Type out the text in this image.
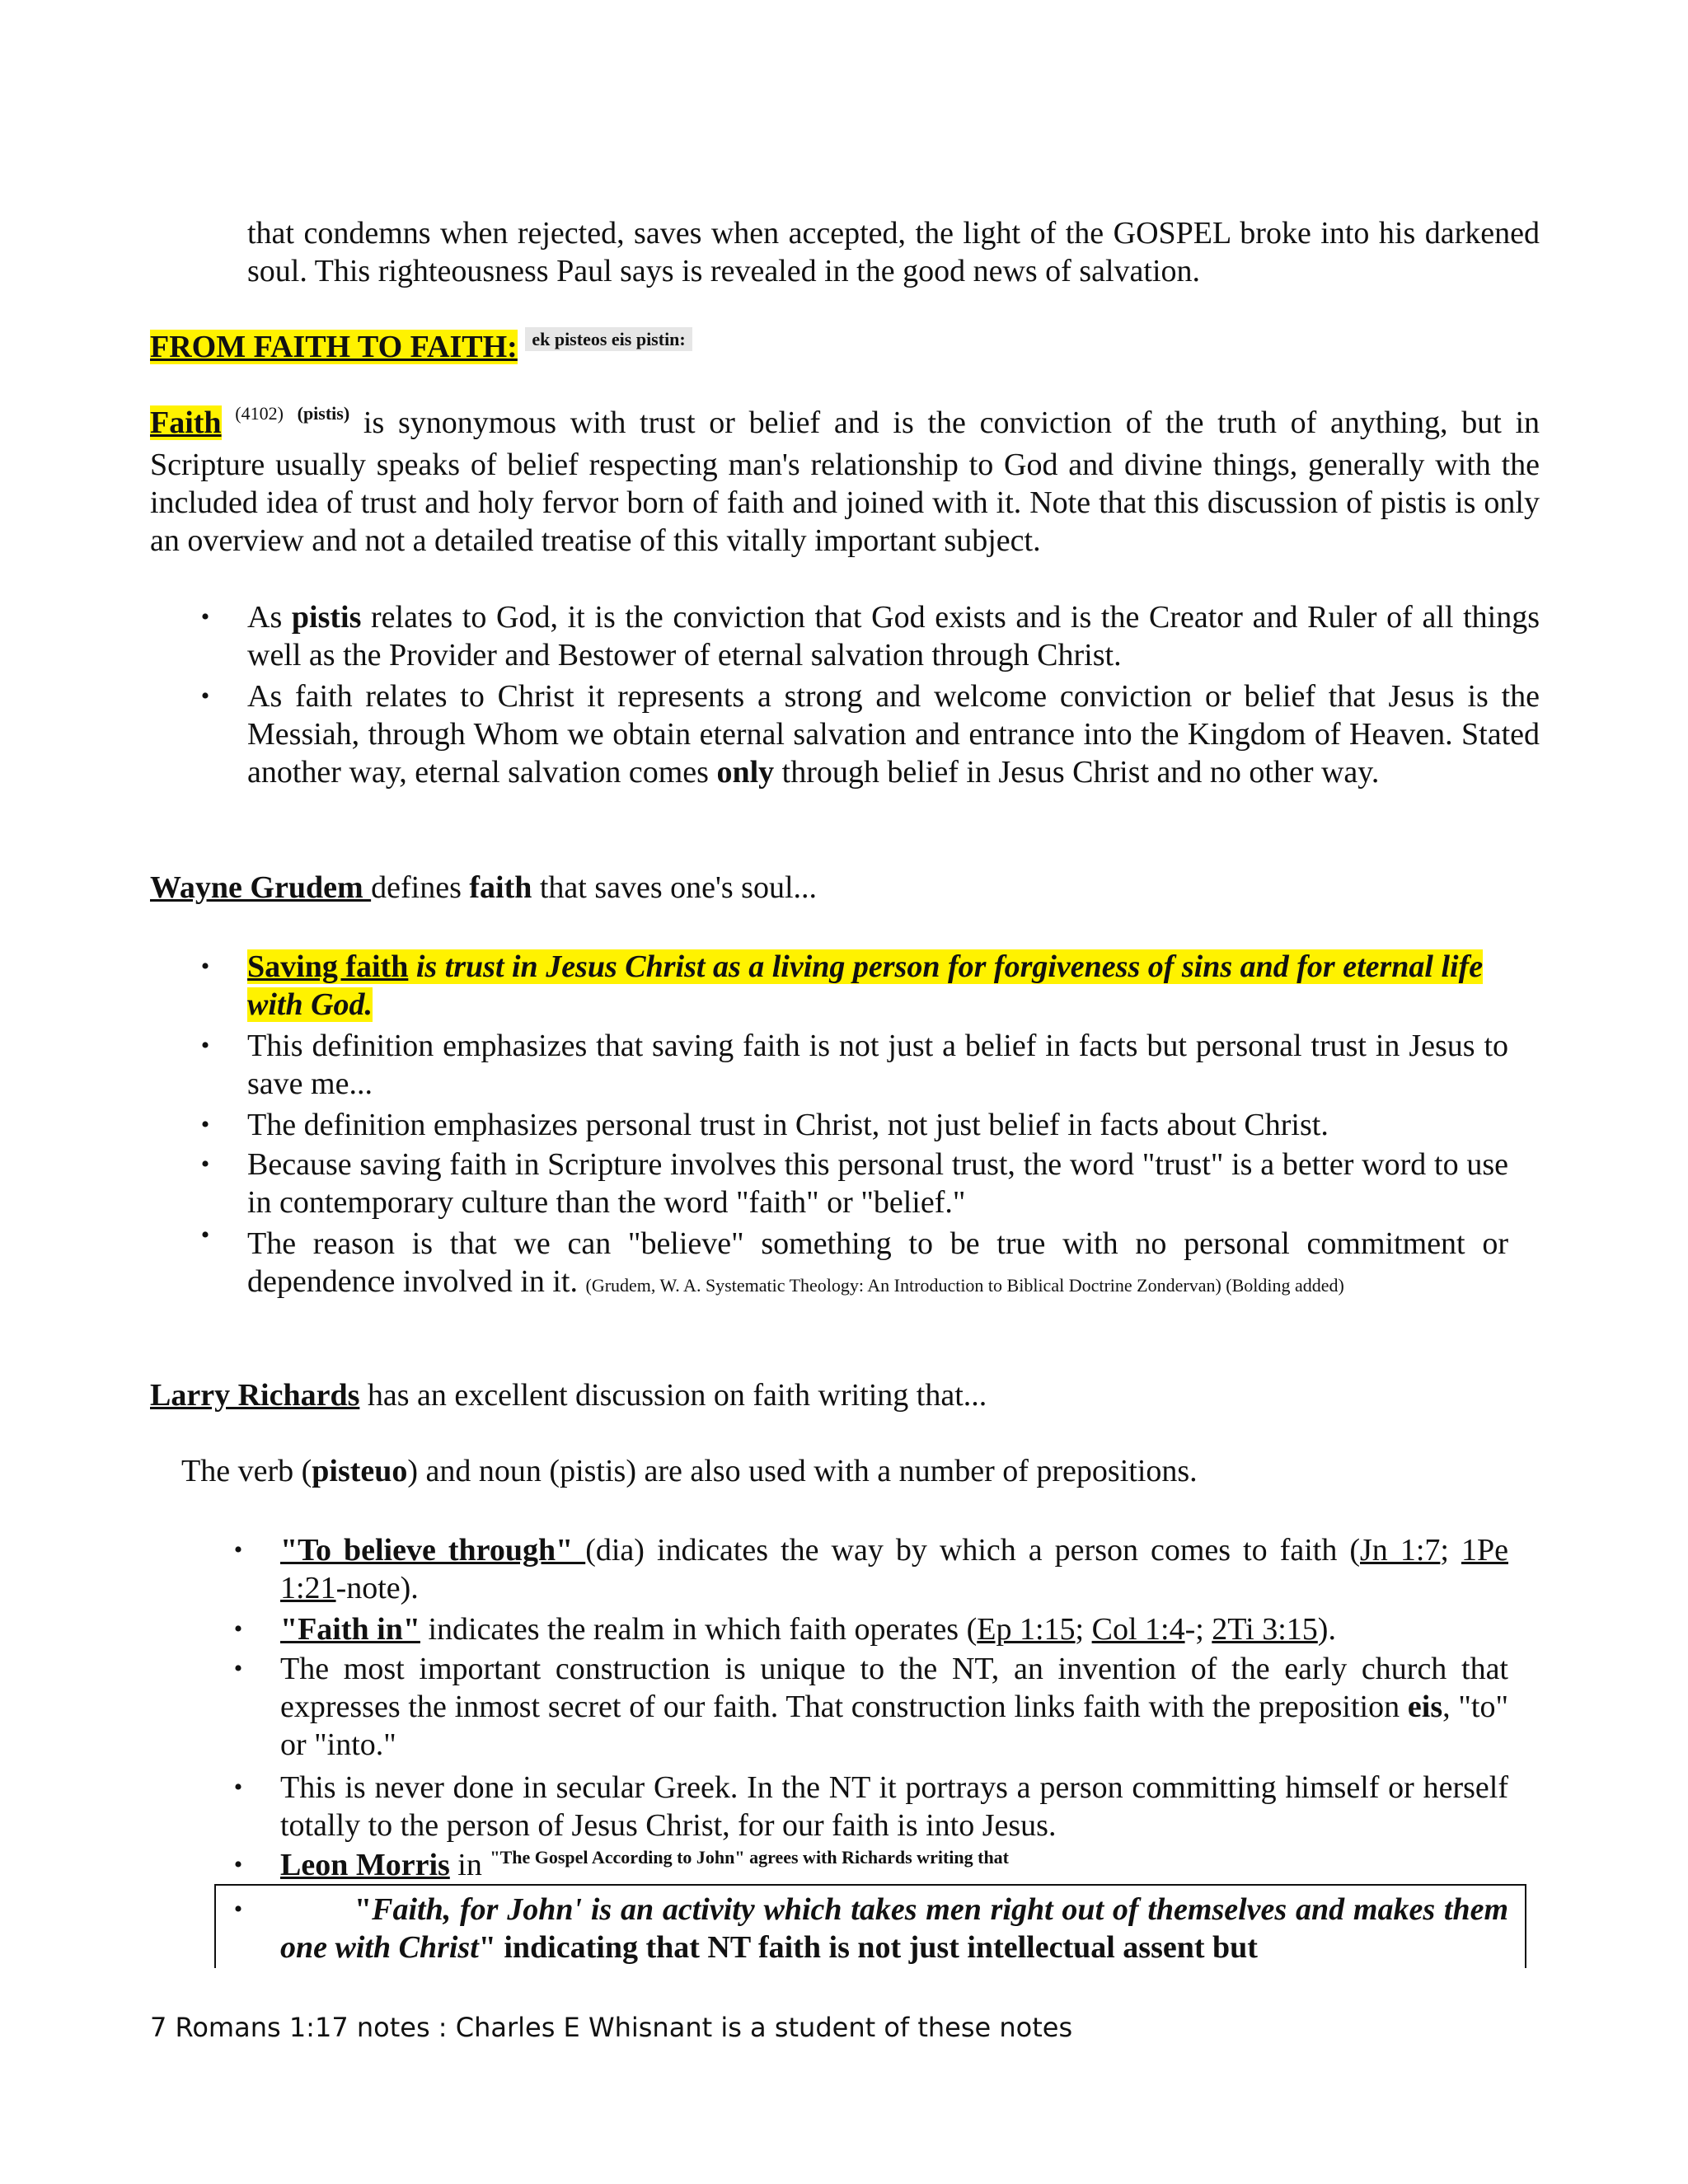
that condemns when rejected, saves when accepted, the light of the GOSPEL broke into his darkened soul. This righteousness Paul says is revealed in the good news of salvation.
FROM FAITH TO FAITH: $^{ek pisteos eis pistin:}$
Faith $^{(4102)}$ $^{(pistis)}$ is synonymous with trust or belief and is the conviction of the truth of anything, but in Scripture usually speaks of belief respecting man's relationship to God and divine things, generally with the included idea of trust and holy fervor born of faith and joined with it. Note that this discussion of pistis is only an overview and not a detailed treatise of this vitally important subject.
• As pistis relates to God, it is the conviction that God exists and is the Creator and Ruler of all things well as the Provider and Bestower of eternal salvation through Christ.
• As faith relates to Christ it represents a strong and welcome conviction or belief that Jesus is the Messiah, through Whom we obtain eternal salvation and entrance into the Kingdom of Heaven. Stated another way, eternal salvation comes only through belief in Jesus Christ and no other way.
Wayne Grudem defines faith that saves one's soul...
• Saving faith is trust in Jesus Christ as a living person for forgiveness of sins and for eternal life with God.
• This definition emphasizes that saving faith is not just a belief in facts but personal trust in Jesus to save me...
• The definition emphasizes personal trust in Christ, not just belief in facts about Christ.
• Because saving faith in Scripture involves this personal trust, the word "trust" is a better word to use in contemporary culture than the word "faith" or "belief."
• The reason is that we can "believe" something to be true with no personal commitment or dependence involved in it. (Grudem, W. A. Systematic Theology: An Introduction to Biblical Doctrine Zondervan) (Bolding added)
Larry Richards has an excellent discussion on faith writing that...
The verb (pisteuo) and noun (pistis) are also used with a number of prepositions.
• "To believe through" (dia) indicates the way by which a person comes to faith (Jn 1:7; 1Pe 1:21-note).
• "Faith in" indicates the realm in which faith operates (Ep 1:15; Col 1:4-; 2Ti 3:15).
• The most important construction is unique to the NT, an invention of the early church that expresses the inmost secret of our faith. That construction links faith with the preposition eis, "to" or "into."
• This is never done in secular Greek. In the NT it portrays a person committing himself or herself totally to the person of Jesus Christ, for our faith is into Jesus.
• Leon Morris in $^{"The Gospel According to John" agrees with Richards writing that}$
•	"Faith, for John' is an activity which takes men right out of themselves and makes them one with Christ" indicating that NT faith is not just intellectual assent but
7 Romans 1:17 notes : Charles E Whisnant is a student of these notes
